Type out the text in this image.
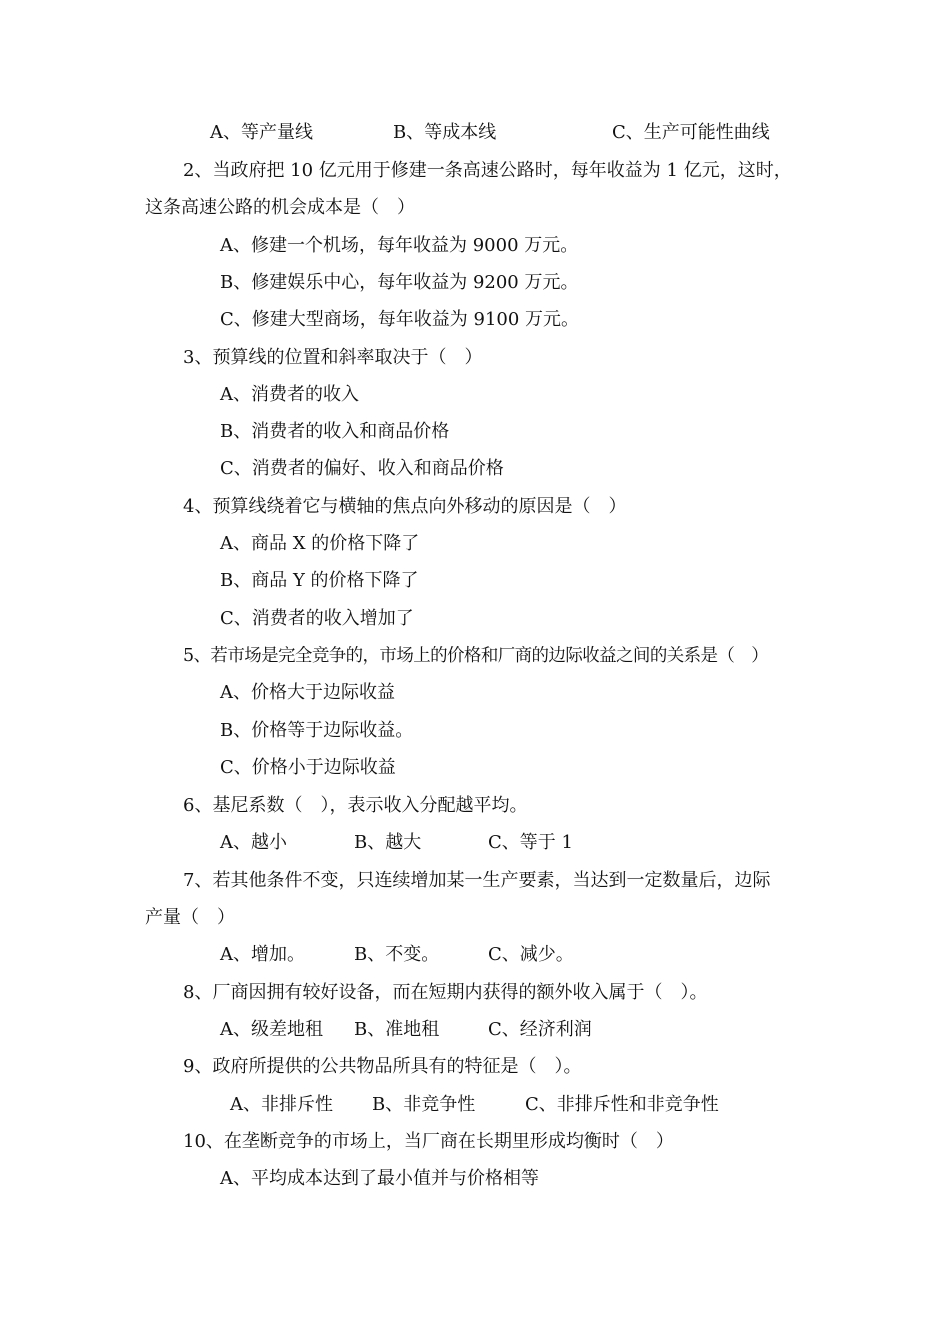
A、等产量线	B、等成本线	C、生产可能性曲线

2、当政府把 10 亿元用于修建一条高速公路时，每年收益为 1 亿元，这时，

这条高速公路的机会成本是（　）

A、修建一个机场，每年收益为 9000 万元。

B、修建娱乐中心，每年收益为 9200 万元。

C、修建大型商场，每年收益为 9100 万元。

3、预算线的位置和斜率取决于（　）

A、消费者的收入

B、消费者的收入和商品价格

C、消费者的偏好、收入和商品价格

4、预算线绕着它与横轴的焦点向外移动的原因是（　）

A、商品 X 的价格下降了

B、商品 Y 的价格下降了

C、消费者的收入增加了

5、若市场是完全竞争的，市场上的价格和厂商的边际收益之间的关系是（　）

A、价格大于边际收益

B、价格等于边际收益。

C、价格小于边际收益

6、基尼系数（　），表示收入分配越平均。

A、越小	B、越大	C、等于 1

7、若其他条件不变，只连续增加某一生产要素，当达到一定数量后，边际

产量（　）

A、增加。	B、不变。	C、减少。

8、厂商因拥有较好设备，而在短期内获得的额外收入属于（　）。

A、级差地租 B、准地租	C、经济利润

9、政府所提供的公共物品所具有的特征是（　）。

A、非排斥性 B、非竞争性	C、非排斥性和非竞争性

10、在垄断竞争的市场上，当厂商在长期里形成均衡时（　）

A、平均成本达到了最小值并与价格相等
